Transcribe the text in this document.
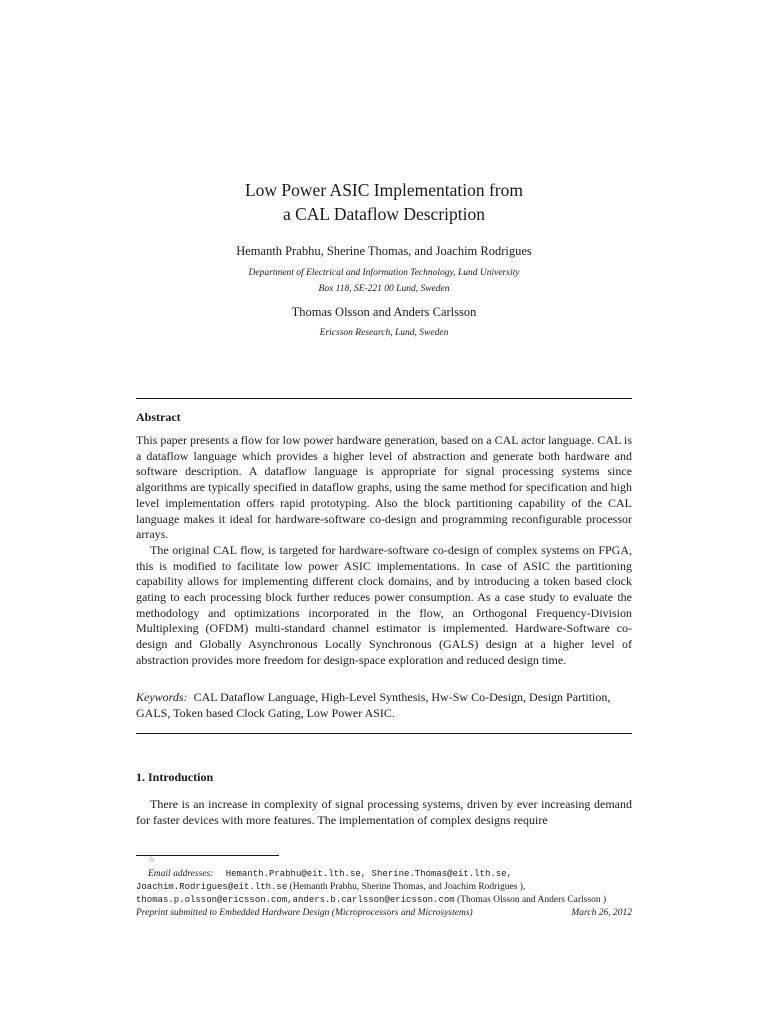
Low Power ASIC Implementation from
a CAL Dataflow Description
Hemanth Prabhu, Sherine Thomas, and Joachim Rodrigues
Department of Electrical and Information Technology, Lund University
Box 118, SE-221 00 Lund, Sweden
Thomas Olsson and Anders Carlsson
Ericsson Research, Lund, Sweden
Abstract

This paper presents a flow for low power hardware generation, based on a CAL actor language. CAL is a dataflow language which provides a higher level of abstraction and generate both hardware and software description. A dataflow language is appropriate for signal processing systems since algorithms are typically specified in dataflow graphs, using the same method for specification and high level implementation offers rapid prototyping. Also the block partitioning capability of the CAL language makes it ideal for hardware-software co-design and programming reconfigurable processor arrays.

The original CAL flow, is targeted for hardware-software co-design of complex systems on FPGA, this is modified to facilitate low power ASIC implementations. In case of ASIC the partitioning capability allows for implementing different clock domains, and by introducing a token based clock gating to each processing block further reduces power consumption. As a case study to evaluate the methodology and optimizations incorporated in the flow, an Orthogonal Frequency-Division Multiplexing (OFDM) multi-standard channel estimator is implemented. Hardware-Software co-design and Globally Asynchronous Locally Synchronous (GALS) design at a higher level of abstraction provides more freedom for design-space exploration and reduced design time.

Keywords: CAL Dataflow Language, High-Level Synthesis, Hw-Sw Co-Design, Design Partition, GALS, Token based Clock Gating, Low Power ASIC.
1. Introduction
There is an increase in complexity of signal processing systems, driven by ever increasing demand for faster devices with more features. The implementation of complex designs require
☆
Email addresses: Hemanth.Prabhu@eit.lth.se, Sherine.Thomas@eit.lth.se,
Joachim.Rodrigues@eit.lth.se (Hemanth Prabhu, Sherine Thomas, and Joachim Rodrigues ),
thomas.p.olsson@ericsson.com,anders.b.carlsson@ericsson.com (Thomas Olsson and Anders Carlsson )
Preprint submitted to Embedded Hardware Design (Microprocessors and Microsystems)	March 26, 2012
